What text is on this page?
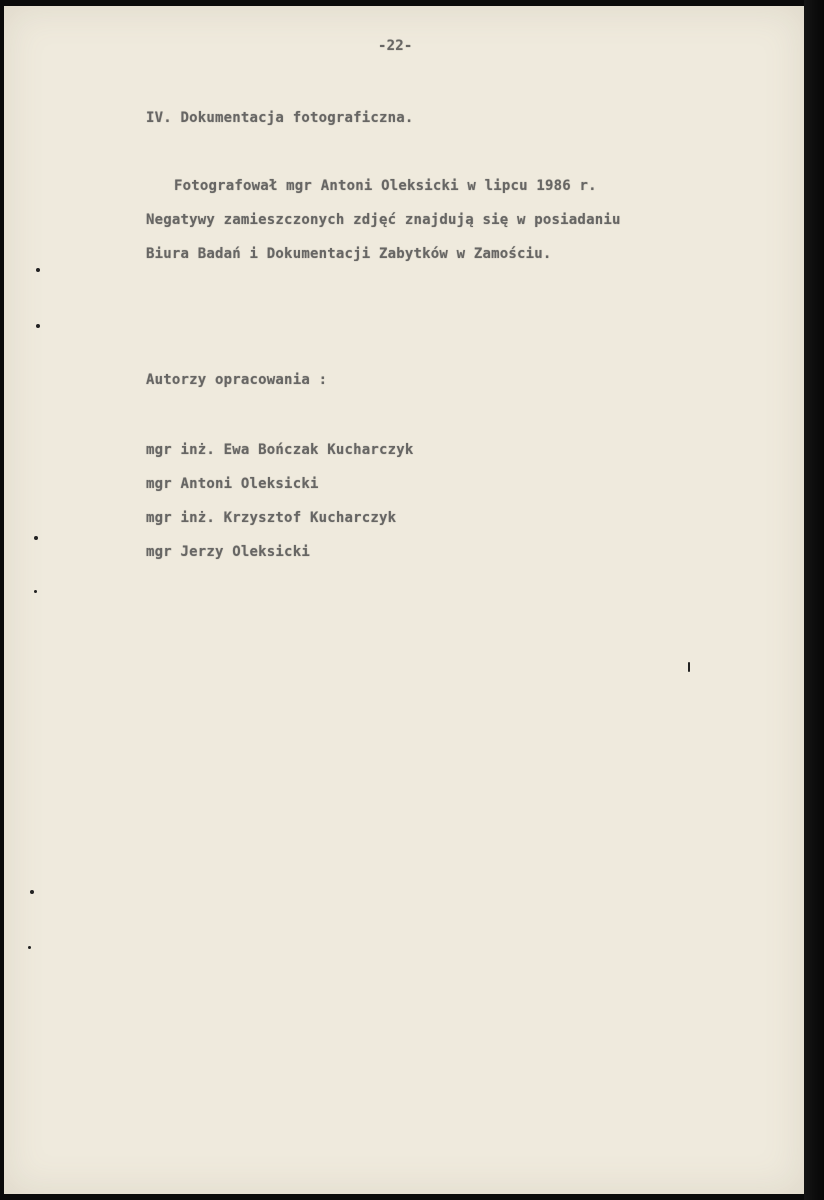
-22-
IV. Dokumentacja fotograficzna.
Fotografował mgr Antoni Oleksicki w lipcu 1986 r.
Negatywy zamieszczonych zdjęć znajdują się w posiadaniu
Biura Badań i Dokumentacji Zabytków w Zamościu.
Autorzy opracowania :
mgr inż. Ewa Bończak Kucharczyk
mgr Antoni Oleksicki
mgr inż. Krzysztof Kucharczyk
mgr Jerzy Oleksicki
